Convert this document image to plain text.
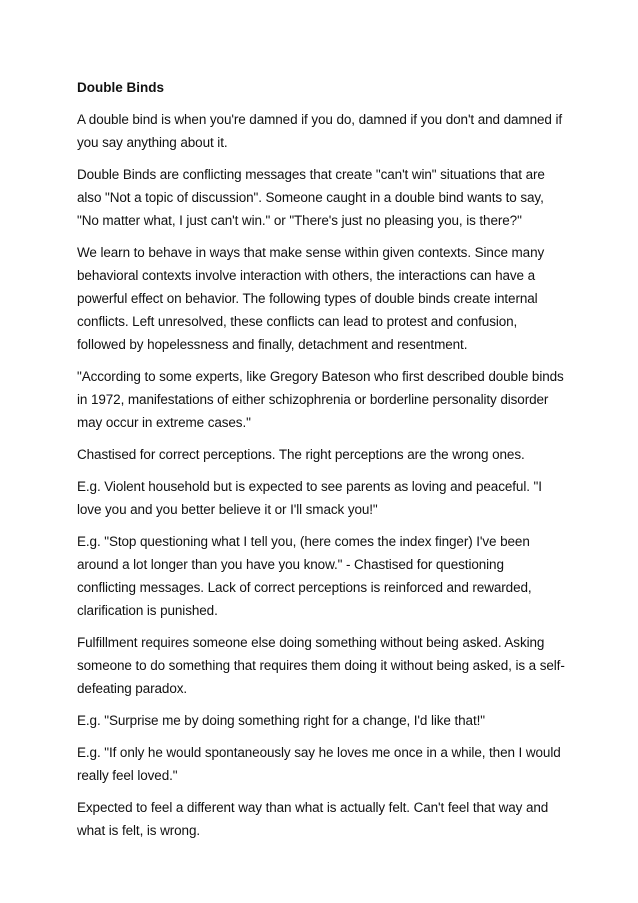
Double Binds

A double bind is when you're damned if you do, damned if you don't and damned if you say anything about it.

Double Binds are conflicting messages that create "can't win" situations that are also "Not a topic of discussion". Someone caught in a double bind wants to say, "No matter what, I just can't win." or "There's just no pleasing you, is there?"

We learn to behave in ways that make sense within given contexts. Since many behavioral contexts involve interaction with others, the interactions can have a powerful effect on behavior. The following types of double binds create internal conflicts. Left unresolved, these conflicts can lead to protest and confusion, followed by hopelessness and finally, detachment and resentment.

"According to some experts, like Gregory Bateson who first described double binds in 1972, manifestations of either schizophrenia or borderline personality disorder may occur in extreme cases."

Chastised for correct perceptions. The right perceptions are the wrong ones.

E.g. Violent household but is expected to see parents as loving and peaceful. "I love you and you better believe it or I'll smack you!"

E.g. "Stop questioning what I tell you, (here comes the index finger) I've been around a lot longer than you have you know." - Chastised for questioning conflicting messages. Lack of correct perceptions is reinforced and rewarded, clarification is punished.

Fulfillment requires someone else doing something without being asked. Asking someone to do something that requires them doing it without being asked, is a self-defeating paradox.

E.g. "Surprise me by doing something right for a change, I'd like that!"

E.g. "If only he would spontaneously say he loves me once in a while, then I would really feel loved."

Expected to feel a different way than what is actually felt. Can't feel that way and what is felt, is wrong.
